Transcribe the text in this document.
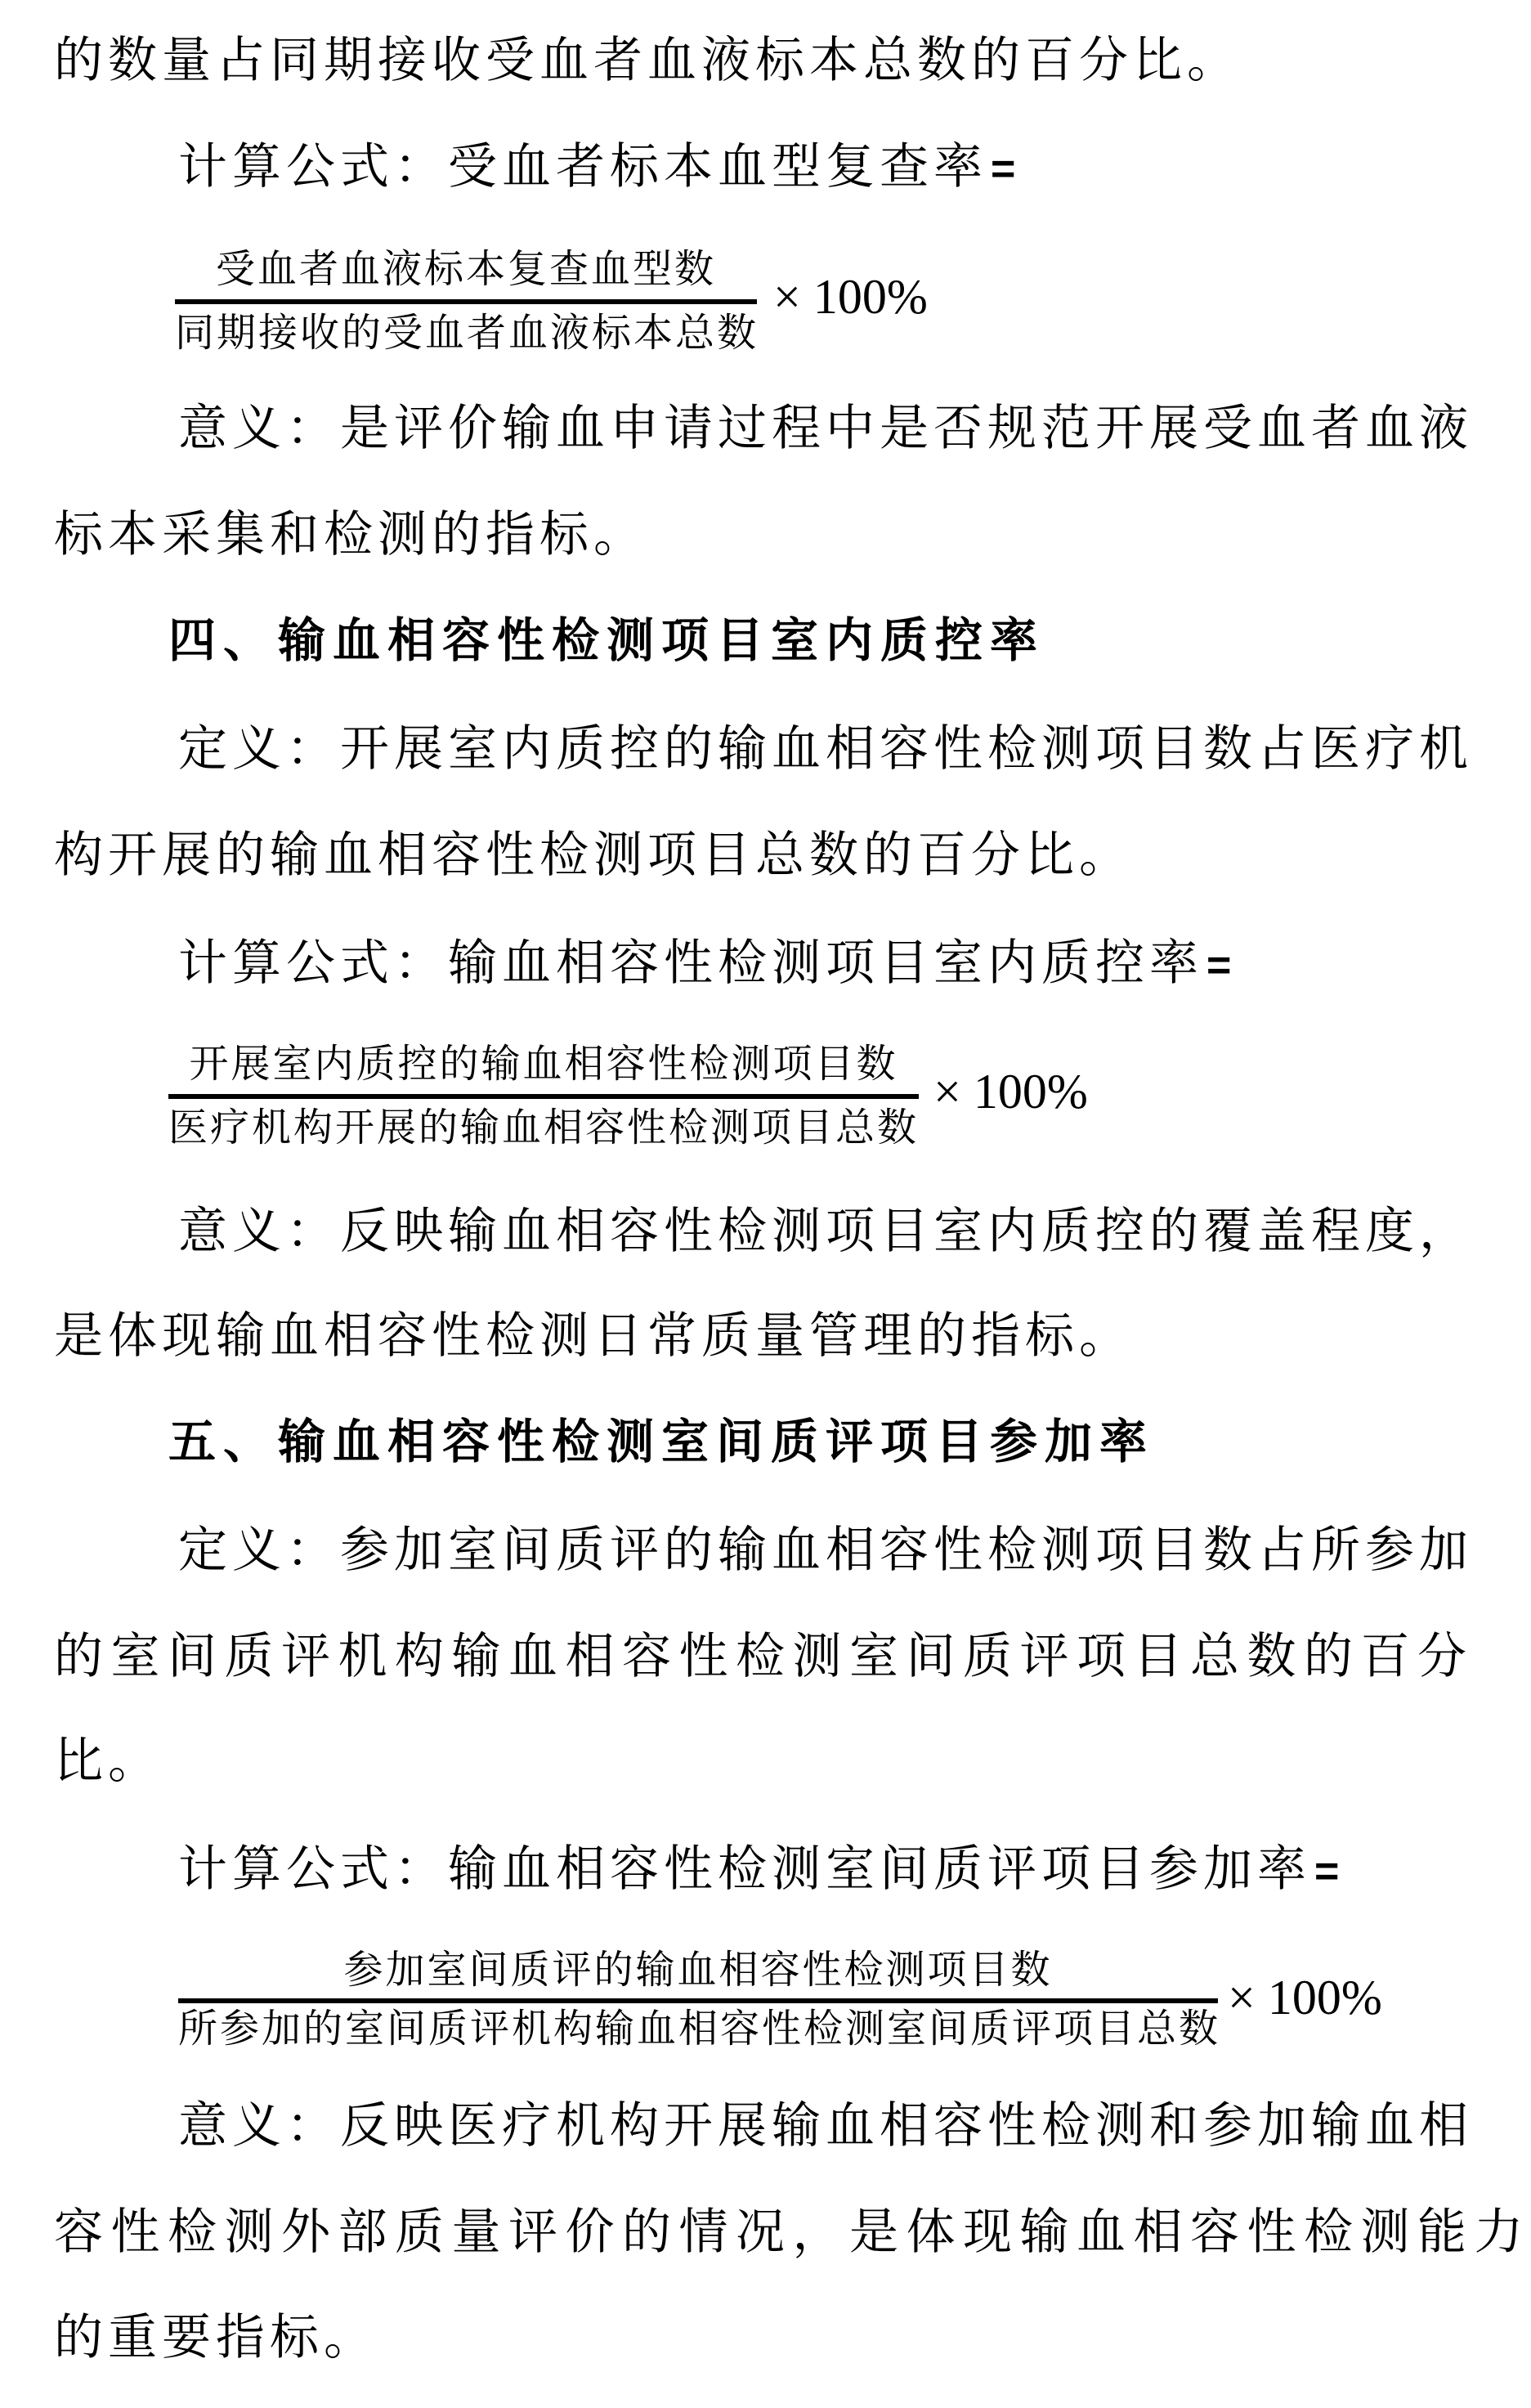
的数量占同期接收受血者血液标本总数的百分比。
计算公式：受血者标本血型复查率=
受血者血液标本复查血型数
同期接收的受血者血液标本总数
× 100%
意义：是评价输血申请过程中是否规范开展受血者血液
标本采集和检测的指标。
四、输血相容性检测项目室内质控率
定义：开展室内质控的输血相容性检测项目数占医疗机
构开展的输血相容性检测项目总数的百分比。
计算公式：输血相容性检测项目室内质控率=
开展室内质控的输血相容性检测项目数
医疗机构开展的输血相容性检测项目总数
× 100%
意义：反映输血相容性检测项目室内质控的覆盖程度，
是体现输血相容性检测日常质量管理的指标。
五、输血相容性检测室间质评项目参加率
定义：参加室间质评的输血相容性检测项目数占所参加
的室间质评机构输血相容性检测室间质评项目总数的百分
比。
计算公式：输血相容性检测室间质评项目参加率=
参加室间质评的输血相容性检测项目数
所参加的室间质评机构输血相容性检测室间质评项目总数
× 100%
意义：反映医疗机构开展输血相容性检测和参加输血相
容性检测外部质量评价的情况，是体现输血相容性检测能力
的重要指标。
